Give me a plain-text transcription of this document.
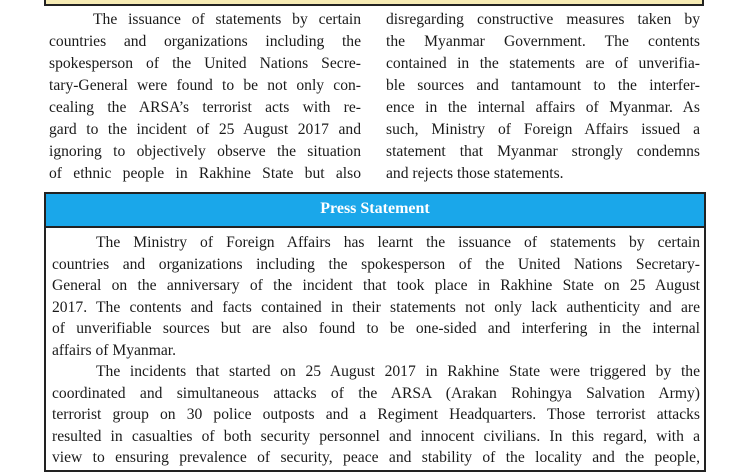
The issuance of statements by certain
countries and organizations including the
spokesperson of the United Nations Secre-
tary-General were found to be not only con-
cealing the ARSA’s terrorist acts with re-
gard to the incident of 25 August 2017 and
ignoring to objectively observe the situation
of ethnic people in Rakhine State but also
disregarding constructive measures taken by
the Myanmar Government. The contents
contained in the statements are of unverifia-
ble sources and tantamount to the interfer-
ence in the internal affairs of Myanmar. As
such, Ministry of Foreign Affairs issued a
statement that Myanmar strongly condemns
and rejects those statements.
Press Statement
The Ministry of Foreign Affairs has learnt the issuance of statements by certain
countries and organizations including the spokesperson of the United Nations Secretary-
General on the anniversary of the incident that took place in Rakhine State on 25 August
2017. The contents and facts contained in their statements not only lack authenticity and are
of unverifiable sources but are also found to be one-sided and interfering in the internal
affairs of Myanmar.
The incidents that started on 25 August 2017 in Rakhine State were triggered by the
coordinated and simultaneous attacks of the ARSA (Arakan Rohingya Salvation Army)
terrorist group on 30 police outposts and a Regiment Headquarters. Those terrorist attacks
resulted in casualties of both security personnel and innocent civilians. In this regard, with a
view to ensuring prevalence of security, peace and stability of the locality and the people,
